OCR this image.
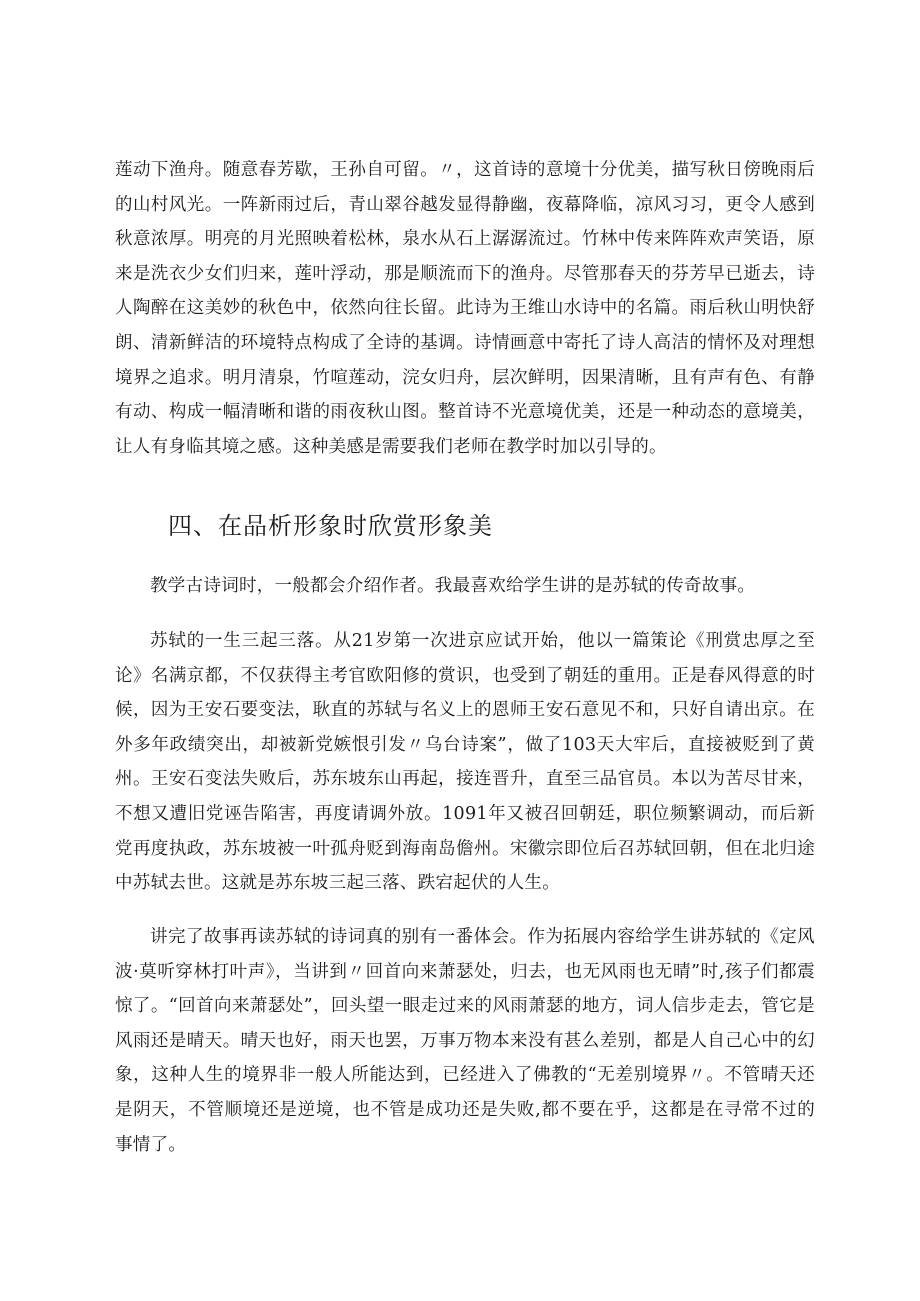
莲动下渔舟。随意春芳歇，王孙自可留。〃，这首诗的意境十分优美，描写秋日傍晚雨后的山村风光。一阵新雨过后，青山翠谷越发显得静幽，夜幕降临，凉风习习，更令人感到秋意浓厚。明亮的月光照映着松林，泉水从石上潺潺流过。竹林中传来阵阵欢声笑语，原来是洗衣少女们归来，莲叶浮动，那是顺流而下的渔舟。尽管那春天的芬芳早已逝去，诗人陶醉在这美妙的秋色中，依然向往长留。此诗为王维山水诗中的名篇。雨后秋山明快舒朗、清新鲜洁的环境特点构成了全诗的基调。诗情画意中寄托了诗人高洁的情怀及对理想境界之追求。明月清泉，竹喧莲动，浣女归舟，层次鲜明，因果清晰，且有声有色、有静有动、构成一幅清晰和谐的雨夜秋山图。整首诗不光意境优美，还是一种动态的意境美，让人有身临其境之感。这种美感是需要我们老师在教学时加以引导的。

四、在品析形象时欣赏形象美

教学古诗词时，一般都会介绍作者。我最喜欢给学生讲的是苏轼的传奇故事。

苏轼的一生三起三落。从21岁第一次进京应试开始，他以一篇策论《刑赏忠厚之至论》名满京都，不仅获得主考官欧阳修的赏识，也受到了朝廷的重用。正是春风得意的时候，因为王安石要变法，耿直的苏轼与名义上的恩师王安石意见不和，只好自请出京。在外多年政绩突出，却被新党嫉恨引发〃乌台诗案”，做了103天大牢后，直接被贬到了黄州。王安石变法失败后，苏东坡东山再起，接连晋升，直至三品官员。本以为苦尽甘来，不想又遭旧党诬告陷害，再度请调外放。1091年又被召回朝廷，职位频繁调动，而后新党再度执政，苏东坡被一叶孤舟贬到海南岛儋州。宋徽宗即位后召苏轼回朝，但在北归途中苏轼去世。这就是苏东坡三起三落、跌宕起伏的人生。

讲完了故事再读苏轼的诗词真的别有一番体会。作为拓展内容给学生讲苏轼的《定风波·莫听穿林打叶声》，当讲到〃回首向来萧瑟处，归去，也无风雨也无晴”时,孩子们都震惊了。“回首向来萧瑟处”，回头望一眼走过来的风雨萧瑟的地方，词人信步走去，管它是风雨还是晴天。晴天也好，雨天也罢，万事万物本来没有甚么差别，都是人自己心中的幻象，这种人生的境界非一般人所能达到，已经进入了佛教的“无差别境界〃。不管晴天还是阴天，不管顺境还是逆境，也不管是成功还是失败,都不要在乎，这都是在寻常不过的事情了。
